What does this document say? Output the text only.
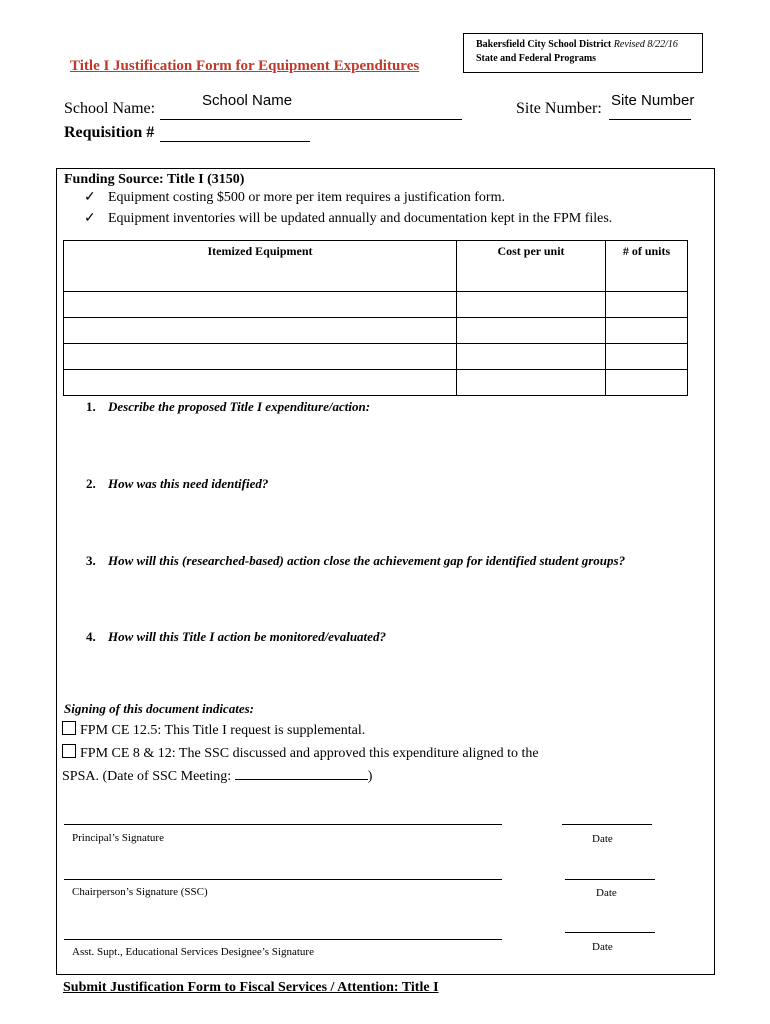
Bakersfield City School District Revised 8/22/16
State and Federal Programs
Title I Justification Form for Equipment Expenditures
School Name:	School Name	Site Number: Site Number
Requisition #
Funding Source: Title I (3150)
✓ Equipment costing $500 or more per item requires a justification form.
✓ Equipment inventories will be updated annually and documentation kept in the FPM files.
Itemized Equipment	Cost per unit	# of units

1. Describe the proposed Title I expenditure/action:
2. How was this need identified?
3. How will this (researched-based) action close the achievement gap for identified student groups?
4. How will this Title I action be monitored/evaluated?
Signing of this document indicates:
FPM CE 12.5: This Title I request is supplemental.
FPM CE 8 & 12: The SSC discussed and approved this expenditure aligned to the
SPSA. (Date of SSC Meeting:	)
Principal’s Signature	Date
Chairperson’s Signature (SSC)	Date
Asst. Supt., Educational Services Designee’s Signature	Date
Submit Justification Form to Fiscal Services / Attention: Title I
